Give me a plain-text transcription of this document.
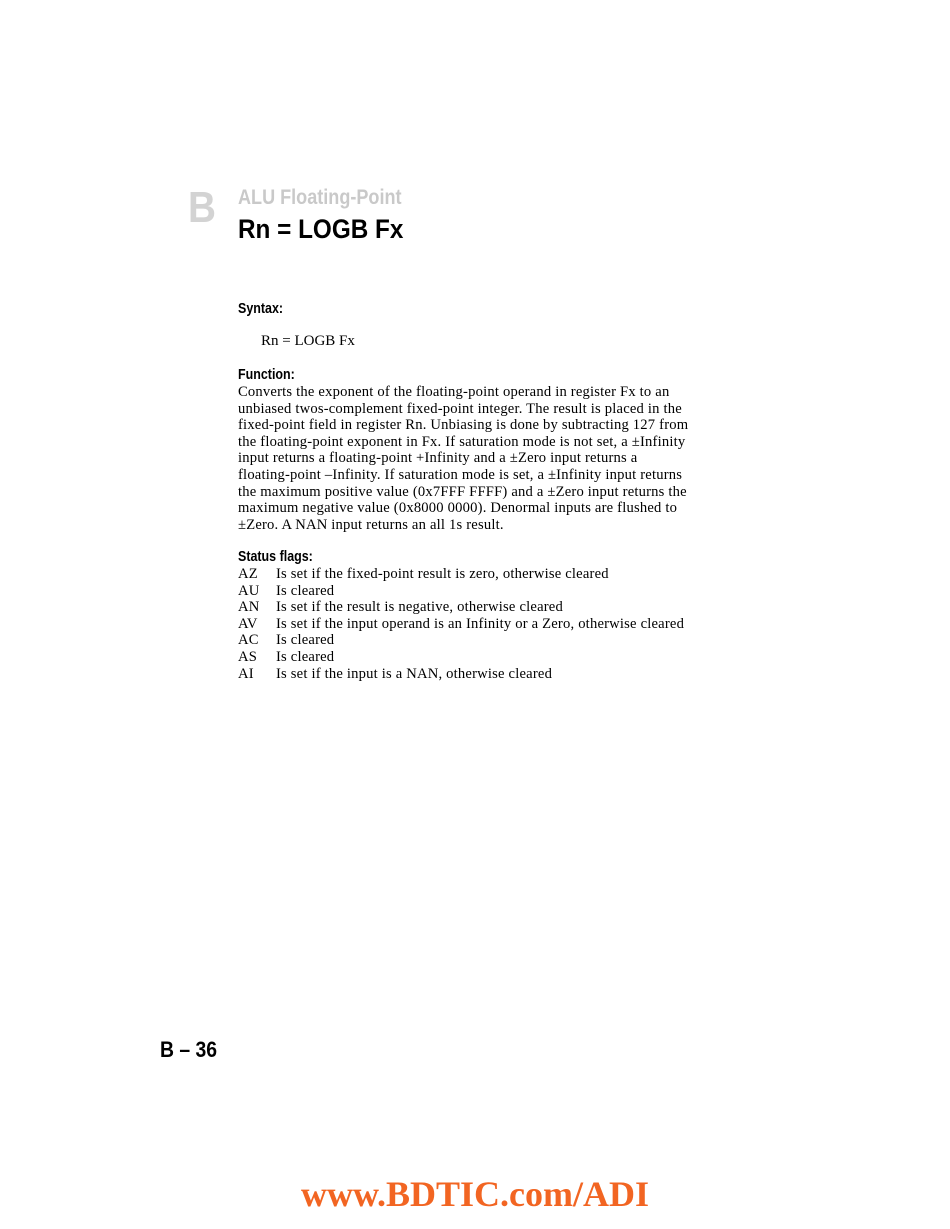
B ALU Floating-Point
Rn = LOGB Fx
Syntax:
Rn = LOGB Fx
Function:
Converts the exponent of the floating-point operand in register Fx to an
unbiased twos-complement fixed-point integer. The result is placed in the
fixed-point field in register Rn. Unbiasing is done by subtracting 127 from
the floating-point exponent in Fx. If saturation mode is not set, a ±Infinity
input returns a floating-point +Infinity and a ±Zero input returns a
floating-point –Infinity. If saturation mode is set, a ±Infinity input returns
the maximum positive value (0x7FFF FFFF) and a ±Zero input returns the
maximum negative value (0x8000 0000). Denormal inputs are flushed to
±Zero. A NAN input returns an all 1s result.
Status flags:
AZ	Is set if the fixed-point result is zero, otherwise cleared
AU	Is cleared
AN	Is set if the result is negative, otherwise cleared
AV	Is set if the input operand is an Infinity or a Zero, otherwise cleared
AC	Is cleared
AS	Is cleared
AI	Is set if the input is a NAN, otherwise cleared
B – 36
www.BDTIC.com/ADI
